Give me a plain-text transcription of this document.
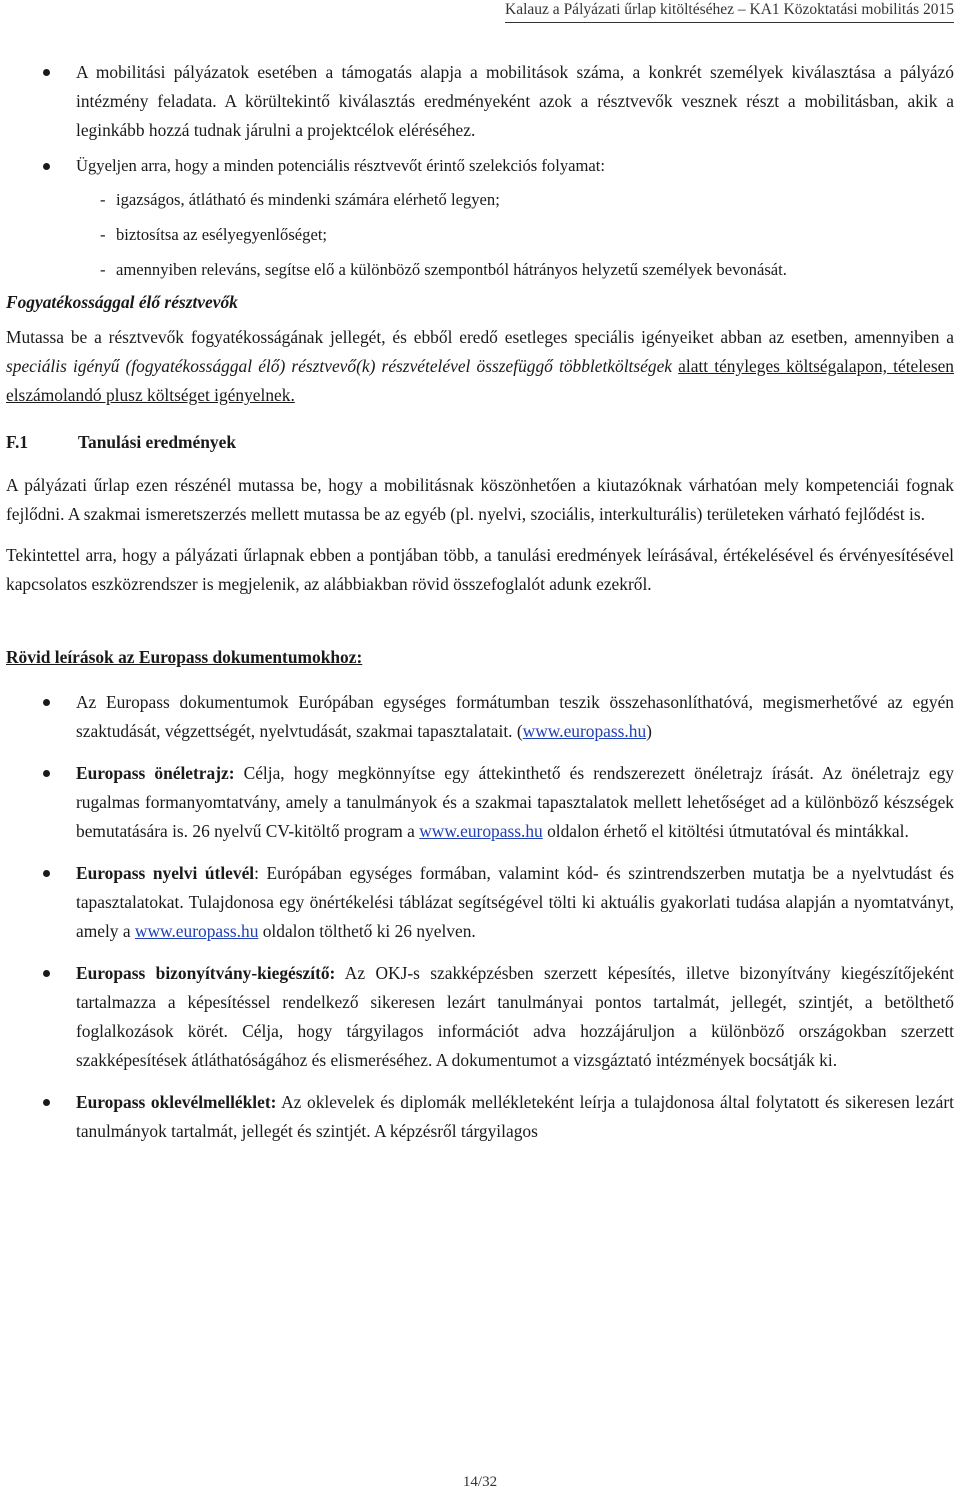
Kalauz a Pályázati űrlap kitöltéséhez – KA1 Közoktatási mobilitás 2015

A mobilitási pályázatok esetében a támogatás alapja a mobilitások száma, a konkrét személyek kiválasztása a pályázó intézmény feladata. A körültekintő kiválasztás eredményeként azok a résztvevők vesznek részt a mobilitásban, akik a leginkább hozzá tudnak járulni a projektcélok eléréséhez.

Ügyeljen arra, hogy a minden potenciális résztvevőt érintő szelekciós folyamat:

- igazságos, átlátható és mindenki számára elérhető legyen;
- biztosítsa az esélyegyenlőséget;
- amennyiben releváns, segítse elő a különböző szempontból hátrányos helyzetű személyek bevonását.
Fogyatékossággal élő résztvevők

Mutassa be a résztvevők fogyatékosságának jellegét, és ebből eredő esetleges speciális igényeiket abban az esetben, amennyiben a speciális igényű (fogyatékossággal élő) résztvevő(k) részvételével összefüggő többletköltségek alatt tényleges költségalapon, tételesen elszámolandó plusz költséget igényelnek.

F.1	Tanulási eredmények

A pályázati űrlap ezen részénél mutassa be, hogy a mobilitásnak köszönhetően a kiutazóknak várhatóan mely kompetenciái fognak fejlődni. A szakmai ismeretszerzés mellett mutassa be az egyéb (pl. nyelvi, szociális, interkulturális) területeken várható fejlődést is.

Tekintettel arra, hogy a pályázati űrlapnak ebben a pontjában több, a tanulási eredmények leírásával, értékelésével és érvényesítésével kapcsolatos eszközrendszer is megjelenik, az alábbiakban rövid összefoglalót adunk ezekről.

Rövid leírások az Europass dokumentumokhoz:

Az Europass dokumentumok Európában egységes formátumban teszik összehasonlíthatóvá, megismerhetővé az egyén szaktudását, végzettségét, nyelvtudását, szakmai tapasztalatait. (www.europass.hu)

Europass önéletrajz: Célja, hogy megkönnyítse egy áttekinthető és rendszerezett önéletrajz írását. Az önéletrajz egy rugalmas formanyomtatvány, amely a tanulmányok és a szakmai tapasztalatok mellett lehetőséget ad a különböző készségek bemutatására is. 26 nyelvű CV-kitöltő program a www.europass.hu oldalon érhető el kitöltési útmutatóval és mintákkal.

Europass nyelvi útlevél: Európában egységes formában, valamint kód- és szintrendszerben mutatja be a nyelvtudást és tapasztalatokat. Tulajdonosa egy önértékelési táblázat segítségével tölti ki aktuális gyakorlati tudása alapján a nyomtatványt, amely a www.europass.hu oldalon tölthető ki 26 nyelven.

Europass bizonyítvány-kiegészítő: Az OKJ-s szakképzésben szerzett képesítés, illetve bizonyítvány kiegészítőjeként tartalmazza a képesítéssel rendelkező sikeresen lezárt tanulmányai pontos tartalmát, jellegét, szintjét, a betölthető foglalkozások körét. Célja, hogy tárgyilagos információt adva hozzájáruljon a különböző országokban szerzett szakképesítések átláthatóságához és elismeréséhez. A dokumentumot a vizsgáztató intézmények bocsátják ki.

Europass oklevélmelléklet: Az oklevelek és diplomák mellékleteként leírja a tulajdonosa által folytatott és sikeresen lezárt tanulmányok tartalmát, jellegét és szintjét. A képzésről tárgyilagos

14/32
